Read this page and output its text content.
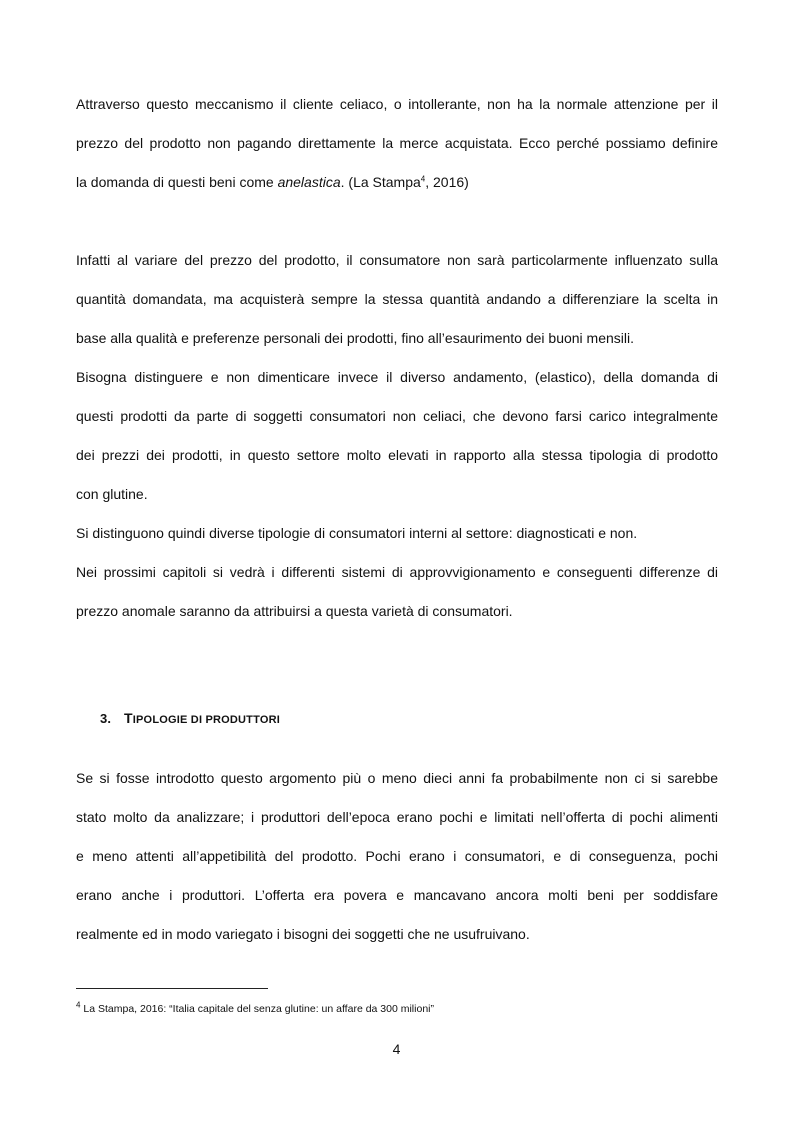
Attraverso questo meccanismo il cliente celiaco, o intollerante, non ha la normale attenzione per il
prezzo del prodotto non pagando direttamente la merce acquistata. Ecco perché possiamo definire
la domanda di questi beni come anelastica. (La Stampa$^4$, 2016)
Infatti al variare del prezzo del prodotto, il consumatore non sarà particolarmente influenzato sulla
quantità domandata, ma acquisterà sempre la stessa quantità andando a differenziare la scelta in
base alla qualità e preferenze personali dei prodotti, fino all’esaurimento dei buoni mensili.
Bisogna distinguere e non dimenticare invece il diverso andamento, (elastico), della domanda di
questi prodotti da parte di soggetti consumatori non celiaci, che devono farsi carico integralmente
dei prezzi dei prodotti, in questo settore molto elevati in rapporto alla stessa tipologia di prodotto
con glutine.
Si distinguono quindi diverse tipologie di consumatori interni al settore: diagnosticati e non.
Nei prossimi capitoli si vedrà i differenti sistemi di approvvigionamento e conseguenti differenze di
prezzo anomale saranno da attribuirsi a questa varietà di consumatori.
3. TIPOLOGIE DI PRODUTTORI
Se si fosse introdotto questo argomento più o meno dieci anni fa probabilmente non ci si sarebbe
stato molto da analizzare; i produttori dell’epoca erano pochi e limitati nell’offerta di pochi alimenti
e meno attenti all’appetibilità del prodotto. Pochi erano i consumatori, e di conseguenza, pochi
erano anche i produttori. L’offerta era povera e mancavano ancora molti beni per soddisfare
realmente ed in modo variegato i bisogni dei soggetti che ne usufruivano.
$^4$ La Stampa, 2016: “Italia capitale del senza glutine: un affare da 300 milioni”
4
